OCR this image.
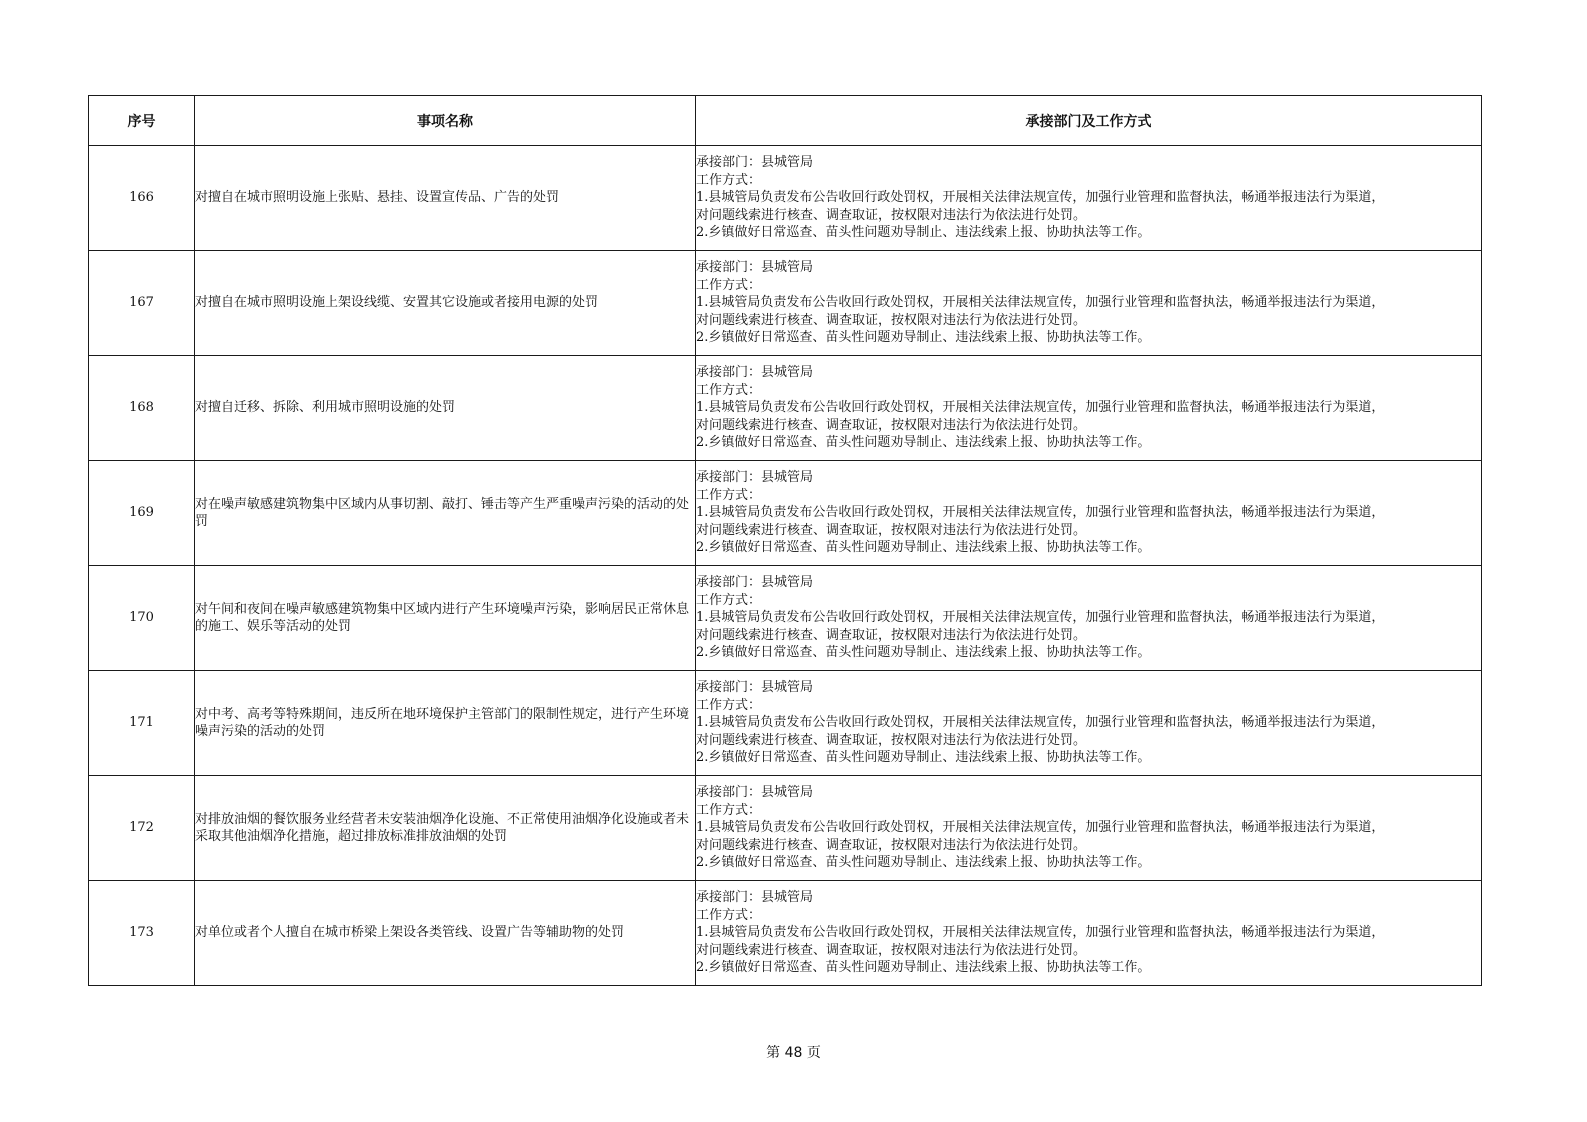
序号	事项名称	承接部门及工作方式
166	对擅自在城市照明设施上张贴、悬挂、设置宣传品、广告的处罚	承接部门：县城管局
工作方式：
1.县城管局负责发布公告收回行政处罚权，开展相关法律法规宣传，加强行业管理和监督执法，畅通举报违法行为渠道，
对问题线索进行核查、调查取证，按权限对违法行为依法进行处罚。
2.乡镇做好日常巡查、苗头性问题劝导制止、违法线索上报、协助执法等工作。

167	对擅自在城市照明设施上架设线缆、安置其它设施或者接用电源的处罚	承接部门：县城管局
工作方式：
1.县城管局负责发布公告收回行政处罚权，开展相关法律法规宣传，加强行业管理和监督执法，畅通举报违法行为渠道，
对问题线索进行核查、调查取证，按权限对违法行为依法进行处罚。
2.乡镇做好日常巡查、苗头性问题劝导制止、违法线索上报、协助执法等工作。

168	对擅自迁移、拆除、利用城市照明设施的处罚	承接部门：县城管局
工作方式：
1.县城管局负责发布公告收回行政处罚权，开展相关法律法规宣传，加强行业管理和监督执法，畅通举报违法行为渠道，
对问题线索进行核查、调查取证，按权限对违法行为依法进行处罚。
2.乡镇做好日常巡查、苗头性问题劝导制止、违法线索上报、协助执法等工作。

169	对在噪声敏感建筑物集中区域内从事切割、敲打、锤击等产生严重噪声污染的活动的处罚	承接部门：县城管局
工作方式：
1.县城管局负责发布公告收回行政处罚权，开展相关法律法规宣传，加强行业管理和监督执法，畅通举报违法行为渠道，
对问题线索进行核查、调查取证，按权限对违法行为依法进行处罚。
2.乡镇做好日常巡查、苗头性问题劝导制止、违法线索上报、协助执法等工作。

170	对午间和夜间在噪声敏感建筑物集中区域内进行产生环境噪声污染，影响居民正常休息的施工、娱乐等活动的处罚	承接部门：县城管局
工作方式：
1.县城管局负责发布公告收回行政处罚权，开展相关法律法规宣传，加强行业管理和监督执法，畅通举报违法行为渠道，
对问题线索进行核查、调查取证，按权限对违法行为依法进行处罚。
2.乡镇做好日常巡查、苗头性问题劝导制止、违法线索上报、协助执法等工作。

171	对中考、高考等特殊期间，违反所在地环境保护主管部门的限制性规定，进行产生环境噪声污染的活动的处罚	承接部门：县城管局
工作方式：
1.县城管局负责发布公告收回行政处罚权，开展相关法律法规宣传，加强行业管理和监督执法，畅通举报违法行为渠道，
对问题线索进行核查、调查取证，按权限对违法行为依法进行处罚。
2.乡镇做好日常巡查、苗头性问题劝导制止、违法线索上报、协助执法等工作。

172	对排放油烟的餐饮服务业经营者未安装油烟净化设施、不正常使用油烟净化设施或者未采取其他油烟净化措施，超过排放标准排放油烟的处罚	承接部门：县城管局
工作方式：
1.县城管局负责发布公告收回行政处罚权，开展相关法律法规宣传，加强行业管理和监督执法，畅通举报违法行为渠道，
对问题线索进行核查、调查取证，按权限对违法行为依法进行处罚。
2.乡镇做好日常巡查、苗头性问题劝导制止、违法线索上报、协助执法等工作。

173	对单位或者个人擅自在城市桥梁上架设各类管线、设置广告等辅助物的处罚	承接部门：县城管局
工作方式：
1.县城管局负责发布公告收回行政处罚权，开展相关法律法规宣传，加强行业管理和监督执法，畅通举报违法行为渠道，
对问题线索进行核查、调查取证，按权限对违法行为依法进行处罚。
2.乡镇做好日常巡查、苗头性问题劝导制止、违法线索上报、协助执法等工作。
第 48 页
